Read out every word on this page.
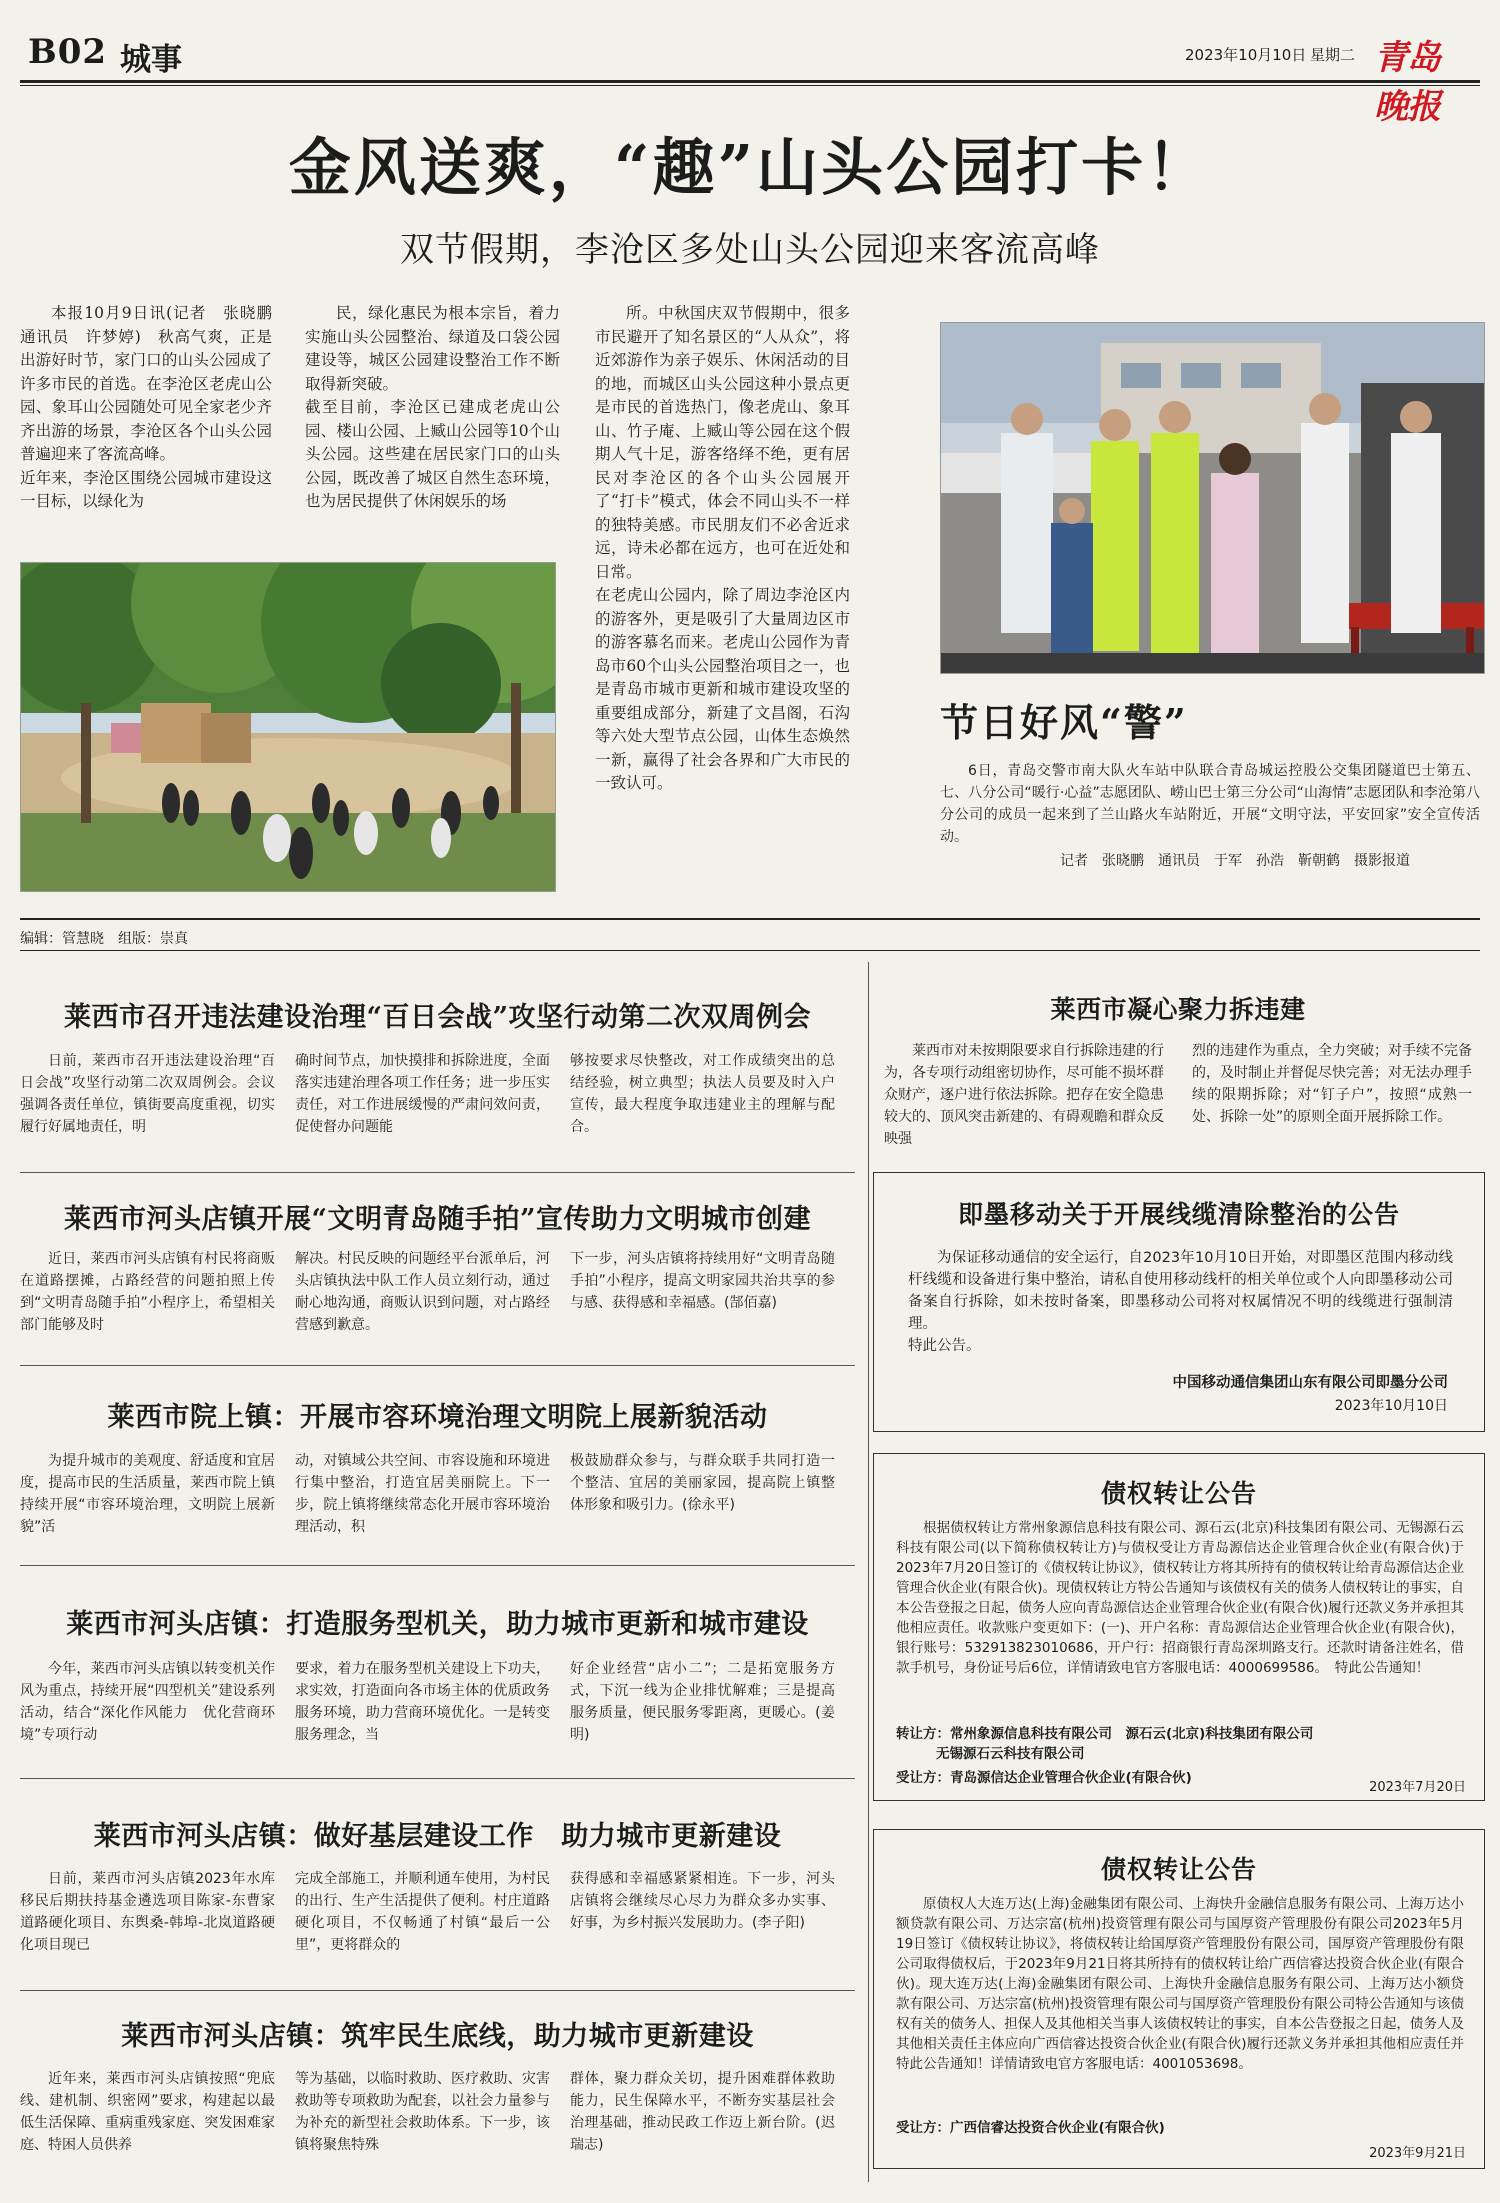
B02 城事	2023年10月10日 星期二 青岛晚报
金风送爽，“趣”山头公园打卡！
双节假期，李沧区多处山头公园迎来客流高峰

本报10月9日讯(记者　张晓鹏　通讯员　许梦婷)　秋高气爽，正是出游好时节，家门口的山头公园成了许多市民的首选。在李沧区老虎山公园、象耳山公园随处可见全家老少齐齐出游的场景，李沧区各个山头公园普遍迎来了客流高峰。
近年来，李沧区围绕公园城市建设这一目标，以绿化为

民，绿化惠民为根本宗旨，着力实施山头公园整治、绿道及口袋公园建设等，城区公园建设整治工作不断取得新突破。
截至目前，李沧区已建成老虎山公园、楼山公园、上臧山公园等10个山头公园。这些建在居民家门口的山头公园，既改善了城区自然生态环境，也为居民提供了休闲娱乐的场

所。中秋国庆双节假期中，很多市民避开了知名景区的“人从众”，将近郊游作为亲子娱乐、休闲活动的目的地，而城区山头公园这种小景点更是市民的首选热门，像老虎山、象耳山、竹子庵、上臧山等公园在这个假期人气十足，游客络绎不绝，更有居民对李沧区的各个山头公园展开了“打卡”模式，体会不同山头不一样的独特美感。市民朋友们不必舍近求远，诗未必都在远方，也可在近处和日常。
在老虎山公园内，除了周边李沧区内的游客外，更是吸引了大量周边区市的游客慕名而来。老虎山公园作为青岛市60个山头公园整治项目之一，也是青岛市城市更新和城市建设攻坚的重要组成部分，新建了文昌阁，石沟等六处大型节点公园，山体生态焕然一新，赢得了社会各界和广大市民的一致认可。

节日好风“警”

6日，青岛交警市南大队火车站中队联合青岛城运控股公交集团隧道巴士第五、七、八分公司“暖行·心益”志愿团队、崂山巴士第三分公司“山海情”志愿团队和李沧第八分公司的成员一起来到了兰山路火车站附近，开展“文明守法，平安回家”安全宣传活动。

记者　张晓鹏　通讯员　于军　孙浩　靳朝鹤　摄影报道
编辑：管慧晓　组版：崇真
莱西市召开违法建设治理“百日会战”攻坚行动第二次双周例会

日前，莱西市召开违法建设治理“百日会战”攻坚行动第二次双周例会。会议强调各责任单位，镇街要高度重视，切实履行好属地责任，明

确时间节点，加快摸排和拆除进度，全面落实违建治理各项工作任务；进一步压实责任，对工作进展缓慢的严肃问效问责，促使督办问题能

够按要求尽快整改，对工作成绩突出的总结经验，树立典型；执法人员要及时入户宣传，最大程度争取违建业主的理解与配合。

莱西市河头店镇开展“文明青岛随手拍”宣传助力文明城市创建

近日，莱西市河头店镇有村民将商贩在道路摆摊，占路经营的问题拍照上传到“文明青岛随手拍”小程序上，希望相关部门能够及时

解决。村民反映的问题经平台派单后，河头店镇执法中队工作人员立刻行动，通过耐心地沟通，商贩认识到问题，对占路经营感到歉意。

下一步，河头店镇将持续用好“文明青岛随手拍”小程序，提高文明家园共治共享的参与感、获得感和幸福感。(郜佰嘉)

莱西市院上镇：开展市容环境治理文明院上展新貌活动

为提升城市的美观度、舒适度和宜居度，提高市民的生活质量，莱西市院上镇持续开展“市容环境治理，文明院上展新貌”活

动，对镇域公共空间、市容设施和环境进行集中整治，打造宜居美丽院上。下一步，院上镇将继续常态化开展市容环境治理活动，积

极鼓励群众参与，与群众联手共同打造一个整洁、宜居的美丽家园，提高院上镇整体形象和吸引力。(徐永平)

莱西市河头店镇：打造服务型机关，助力城市更新和城市建设

今年，莱西市河头店镇以转变机关作风为重点，持续开展“四型机关”建设系列活动，结合“深化作风能力　优化营商环境”专项行动

要求，着力在服务型机关建设上下功夫，求实效，打造面向各市场主体的优质政务服务环境，助力营商环境优化。一是转变服务理念，当

好企业经营“店小二”；二是拓宽服务方式，下沉一线为企业排忧解难；三是提高服务质量，便民服务零距离，更暖心。(姜明)

莱西市河头店镇：做好基层建设工作　助力城市更新建设

日前，莱西市河头店镇2023年水库移民后期扶持基金遴选项目陈家-东曹家道路硬化项目、东舆桑-韩埠-北岚道路硬化项目现已

完成全部施工，并顺利通车使用，为村民的出行、生产生活提供了便利。村庄道路硬化项目，不仅畅通了村镇“最后一公里”，更将群众的

获得感和幸福感紧紧相连。下一步，河头店镇将会继续尽心尽力为群众多办实事、好事，为乡村振兴发展助力。(李子阳)

莱西市河头店镇：筑牢民生底线，助力城市更新建设

近年来，莱西市河头店镇按照“兜底线、建机制、织密网”要求，构建起以最低生活保障、重病重残家庭、突发困难家庭、特困人员供养

等为基础，以临时救助、医疗救助、灾害救助等专项救助为配套，以社会力量参与为补充的新型社会救助体系。下一步，该镇将聚焦特殊

群体，聚力群众关切，提升困难群体救助能力，民生保障水平，不断夯实基层社会治理基础，推动民政工作迈上新台阶。(迟瑞志)

莱西市凝心聚力拆违建

莱西市对未按期限要求自行拆除违建的行为，各专项行动组密切协作，尽可能不损坏群众财产，逐户进行依法拆除。把存在安全隐患较大的、顶风突击新建的、有碍观瞻和群众反映强

烈的违建作为重点，全力突破；对手续不完备的，及时制止并督促尽快完善；对无法办理手续的限期拆除；对“钉子户”，按照“成熟一处、拆除一处”的原则全面开展拆除工作。

即墨移动关于开展线缆清除整治的公告

为保证移动通信的安全运行，自2023年10月10日开始，对即墨区范围内移动线杆线缆和设备进行集中整治，请私自使用移动线杆的相关单位或个人向即墨移动公司备案自行拆除，如未按时备案，即墨移动公司将对权属情况不明的线缆进行强制清理。
特此公告。

中国移动通信集团山东有限公司即墨分公司
2023年10月10日
债权转让公告

根据债权转让方常州象源信息科技有限公司、源石云(北京)科技集团有限公司、无锡源石云科技有限公司(以下简称债权转让方)与债权受让方青岛源信达企业管理合伙企业(有限合伙)于2023年7月20日签订的《债权转让协议》，债权转让方将其所持有的债权转让给青岛源信达企业管理合伙企业(有限合伙)。现债权转让方特公告通知与该债权有关的债务人债权转让的事实，自本公告登报之日起，债务人应向青岛源信达企业管理合伙企业(有限合伙)履行还款义务并承担其他相应责任。收款账户变更如下：(一)、开户名称：青岛源信达企业管理合伙企业(有限合伙)，银行账号：532913823010686，开户行：招商银行青岛深圳路支行。还款时请备注姓名，借款手机号，身份证号后6位，详情请致电官方客服电话：4000699586。　特此公告通知！

转让方：常州象源信息科技有限公司　源石云(北京)科技集团有限公司
无锡源石云科技有限公司
受让方：青岛源信达企业管理合伙企业(有限合伙)
2023年7月20日
债权转让公告

原债权人大连万达(上海)金融集团有限公司、上海快升金融信息服务有限公司、上海万达小额贷款有限公司、万达宗富(杭州)投资管理有限公司与国厚资产管理股份有限公司2023年5月19日签订《债权转让协议》，将债权转让给国厚资产管理股份有限公司，国厚资产管理股份有限公司取得债权后，于2023年9月21日将其所持有的债权转让给广西信睿达投资合伙企业(有限合伙)。现大连万达(上海)金融集团有限公司、上海快升金融信息服务有限公司、上海万达小额贷款有限公司、万达宗富(杭州)投资管理有限公司与国厚资产管理股份有限公司特公告通知与该债权有关的债务人、担保人及其他相关当事人该债权转让的事实，自本公告登报之日起，债务人及其他相关责任主体应向广西信睿达投资合伙企业(有限合伙)履行还款义务并承担其他相应责任并特此公告通知！详情请致电官方客服电话：4001053698。

受让方：广西信睿达投资合伙企业(有限合伙)
2023年9月21日
